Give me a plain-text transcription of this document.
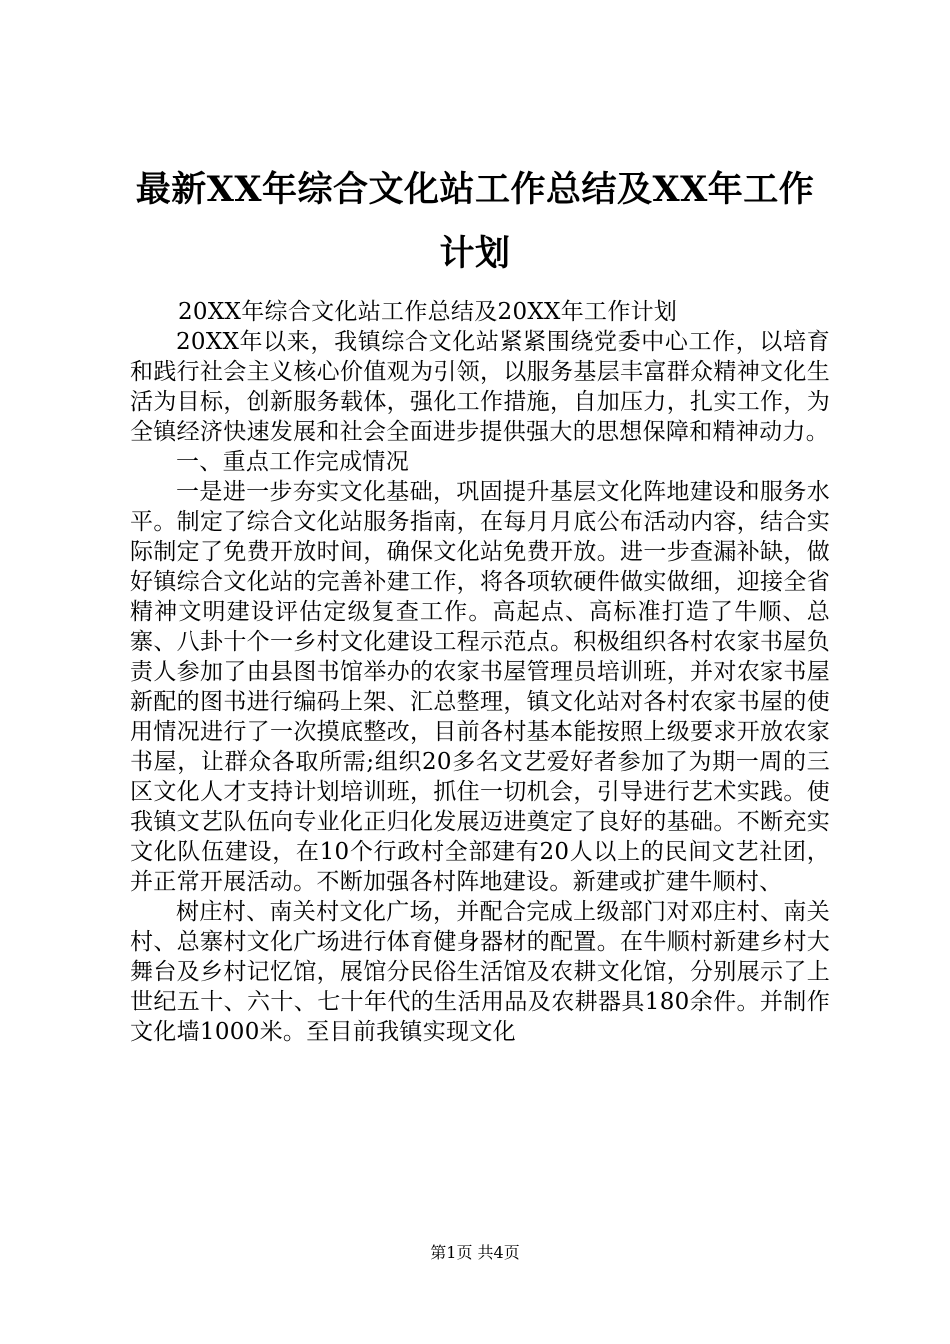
最新XX年综合文化站工作总结及XX年工作计划
20XX年综合文化站工作总结及20XX年工作计划

20XX年以来，我镇综合文化站紧紧围绕党委中心工作，以培育和践行社会主义核心价值观为引领，以服务基层丰富群众精神文化生活为目标，创新服务载体，强化工作措施，自加压力，扎实工作，为全镇经济快速发展和社会全面进步提供强大的思想保障和精神动力。

一、重点工作完成情况

一是进一步夯实文化基础，巩固提升基层文化阵地建设和服务水平。制定了综合文化站服务指南，在每月月底公布活动内容，结合实际制定了免费开放时间，确保文化站免费开放。进一步查漏补缺，做好镇综合文化站的完善补建工作，将各项软硬件做实做细，迎接全省精神文明建设评估定级复查工作。高起点、高标准打造了牛顺、总寨、八卦十个一乡村文化建设工程示范点。积极组织各村农家书屋负责人参加了由县图书馆举办的农家书屋管理员培训班，并对农家书屋新配的图书进行编码上架、汇总整理，镇文化站对各村农家书屋的使用情况进行了一次摸底整改，目前各村基本能按照上级要求开放农家书屋，让群众各取所需;组织20多名文艺爱好者参加了为期一周的三区文化人才支持计划培训班，抓住一切机会，引导进行艺术实践。使我镇文艺队伍向专业化正归化发展迈进奠定了良好的基础。不断充实文化队伍建设，在10个行政村全部建有20人以上的民间文艺社团，并正常开展活动。不断加强各村阵地建设。新建或扩建牛顺村、

树庄村、南关村文化广场，并配合完成上级部门对邓庄村、南关村、总寨村文化广场进行体育健身器材的配置。在牛顺村新建乡村大舞台及乡村记忆馆，展馆分民俗生活馆及农耕文化馆，分别展示了上世纪五十、六十、七十年代的生活用品及农耕器具180余件。并制作文化墙1000米。至目前我镇实现文化

第1页 共4页
